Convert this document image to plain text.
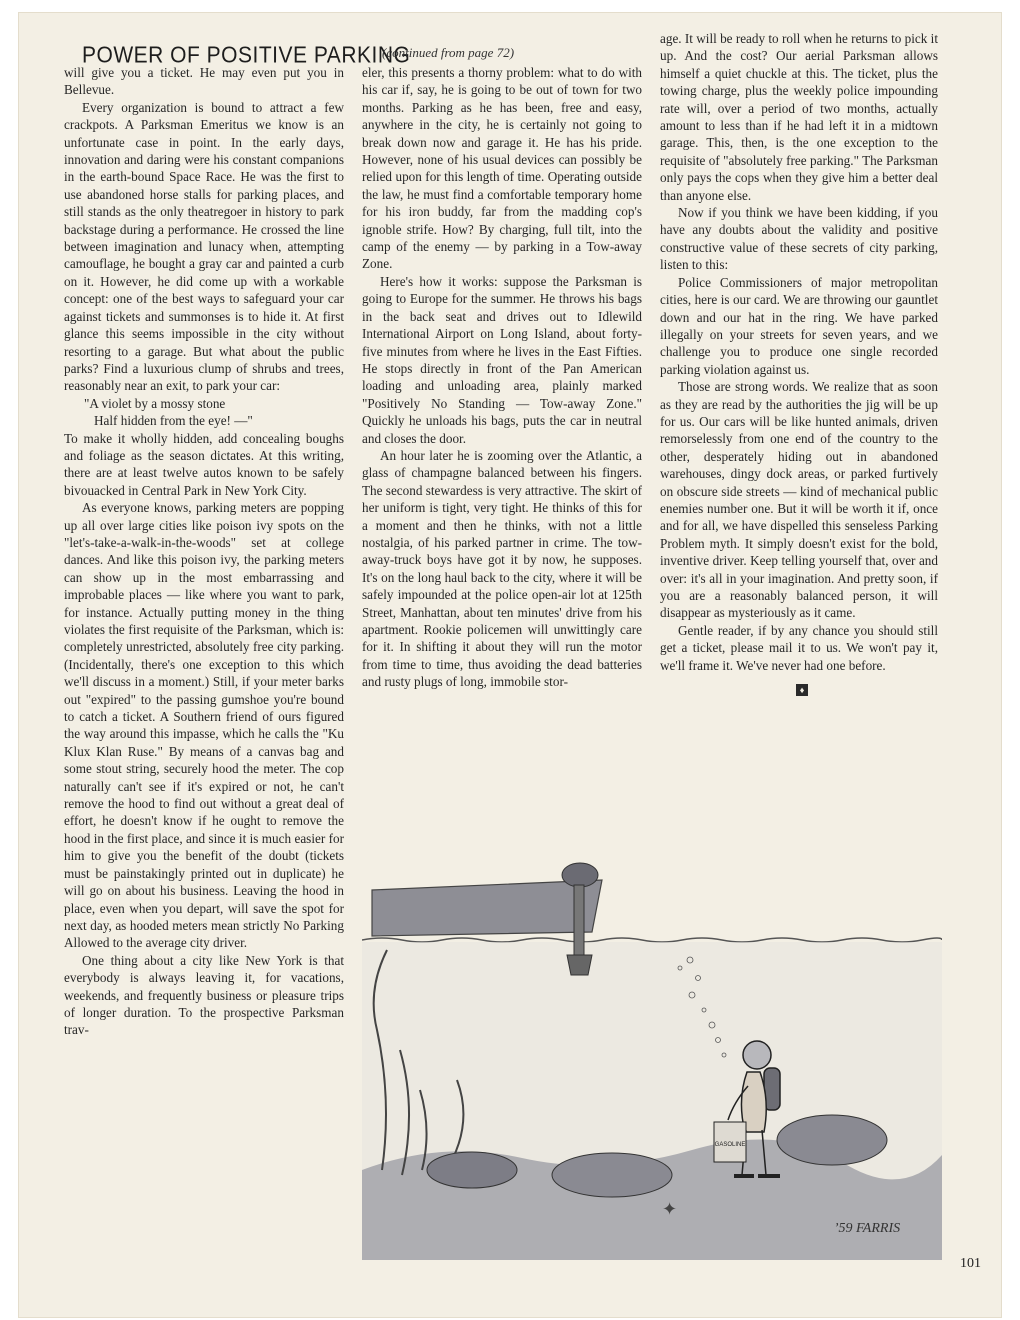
POWER OF POSITIVE PARKING
(continued from page 72)

will give you a ticket. He may even put you in Bellevue.

Every organization is bound to attract a few crackpots. A Parksman Emeritus we know is an unfortunate case in point. In the early days, innovation and daring were his constant companions in the earth-bound Space Race. He was the first to use abandoned horse stalls for parking places, and still stands as the only theatregoer in history to park backstage during a performance. He crossed the line between imagination and lunacy when, attempting camouflage, he bought a gray car and painted a curb on it. However, he did come up with a workable concept: one of the best ways to safeguard your car against tickets and summonses is to hide it. At first glance this seems impossible in the city without resorting to a garage. But what about the public parks? Find a luxurious clump of shrubs and trees, reasonably near an exit, to park your car:

"A violet by a mossy stone

Half hidden from the eye! —"

To make it wholly hidden, add concealing boughs and foliage as the season dictates. At this writing, there are at least twelve autos known to be safely bivouacked in Central Park in New York City.

As everyone knows, parking meters are popping up all over large cities like poison ivy spots on the "let's-take-a-walk-in-the-woods" set at college dances. And like this poison ivy, the parking meters can show up in the most embarrassing and improbable places — like where you want to park, for instance. Actually putting money in the thing violates the first requisite of the Parksman, which is: completely unrestricted, absolutely free city parking. (Incidentally, there's one exception to this which we'll discuss in a moment.) Still, if your meter barks out "expired" to the passing gumshoe you're bound to catch a ticket. A Southern friend of ours figured the way around this impasse, which he calls the "Ku Klux Klan Ruse." By means of a canvas bag and some stout string, securely hood the meter. The cop naturally can't see if it's expired or not, he can't remove the hood to find out without a great deal of effort, he doesn't know if he ought to remove the hood in the first place, and since it is much easier for him to give you the benefit of the doubt (tickets must be painstakingly printed out in duplicate) he will go on about his business. Leaving the hood in place, even when you depart, will save the spot for next day, as hooded meters mean strictly No Parking Allowed to the average city driver.

One thing about a city like New York is that everybody is always leaving it, for vacations, weekends, and frequently business or pleasure trips of longer duration. To the prospective Parksman trav-

eler, this presents a thorny problem: what to do with his car if, say, he is going to be out of town for two months. Parking as he has been, free and easy, anywhere in the city, he is certainly not going to break down now and garage it. He has his pride. However, none of his usual devices can possibly be relied upon for this length of time. Operating outside the law, he must find a comfortable temporary home for his iron buddy, far from the madding cop's ignoble strife. How? By charging, full tilt, into the camp of the enemy — by parking in a Tow-away Zone.

Here's how it works: suppose the Parksman is going to Europe for the summer. He throws his bags in the back seat and drives out to Idlewild International Airport on Long Island, about forty-five minutes from where he lives in the East Fifties. He stops directly in front of the Pan American loading and unloading area, plainly marked "Positively No Standing — Tow-away Zone." Quickly he unloads his bags, puts the car in neutral and closes the door.

An hour later he is zooming over the Atlantic, a glass of champagne balanced between his fingers. The second stewardess is very attractive. The skirt of her uniform is tight, very tight. He thinks of this for a moment and then he thinks, with not a little nostalgia, of his parked partner in crime. The tow-away-truck boys have got it by now, he supposes. It's on the long haul back to the city, where it will be safely impounded at the police open-air lot at 125th Street, Manhattan, about ten minutes' drive from his apartment. Rookie policemen will unwittingly care for it. In shifting it about they will run the motor from time to time, thus avoiding the dead batteries and rusty plugs of long, immobile stor-

age. It will be ready to roll when he returns to pick it up. And the cost? Our aerial Parksman allows himself a quiet chuckle at this. The ticket, plus the towing charge, plus the weekly police impounding rate will, over a period of two months, actually amount to less than if he had left it in a midtown garage. This, then, is the one exception to the requisite of "absolutely free parking." The Parksman only pays the cops when they give him a better deal than anyone else.

Now if you think we have been kidding, if you have any doubts about the validity and positive constructive value of these secrets of city parking, listen to this:

Police Commissioners of major metropolitan cities, here is our card. We are throwing our gauntlet down and our hat in the ring. We have parked illegally on your streets for seven years, and we challenge you to produce one single recorded parking violation against us.

Those are strong words. We realize that as soon as they are read by the authorities the jig will be up for us. Our cars will be like hunted animals, driven remorselessly from one end of the country to the other, desperately hiding out in abandoned warehouses, dingy dock areas, or parked furtively on obscure side streets — kind of mechanical public enemies number one. But it will be worth it if, once and for all, we have dispelled this senseless Parking Problem myth. It simply doesn't exist for the bold, inventive driver. Keep telling yourself that, over and over: it's all in your imagination. And pretty soon, if you are a reasonably balanced person, it will disappear as mysteriously as it came.

Gentle reader, if by any chance you should still get a ticket, please mail it to us. We won't pay it, we'll frame it. We've never had one before.

♦
GASOLINE
✦
’59 FARRIS
101
